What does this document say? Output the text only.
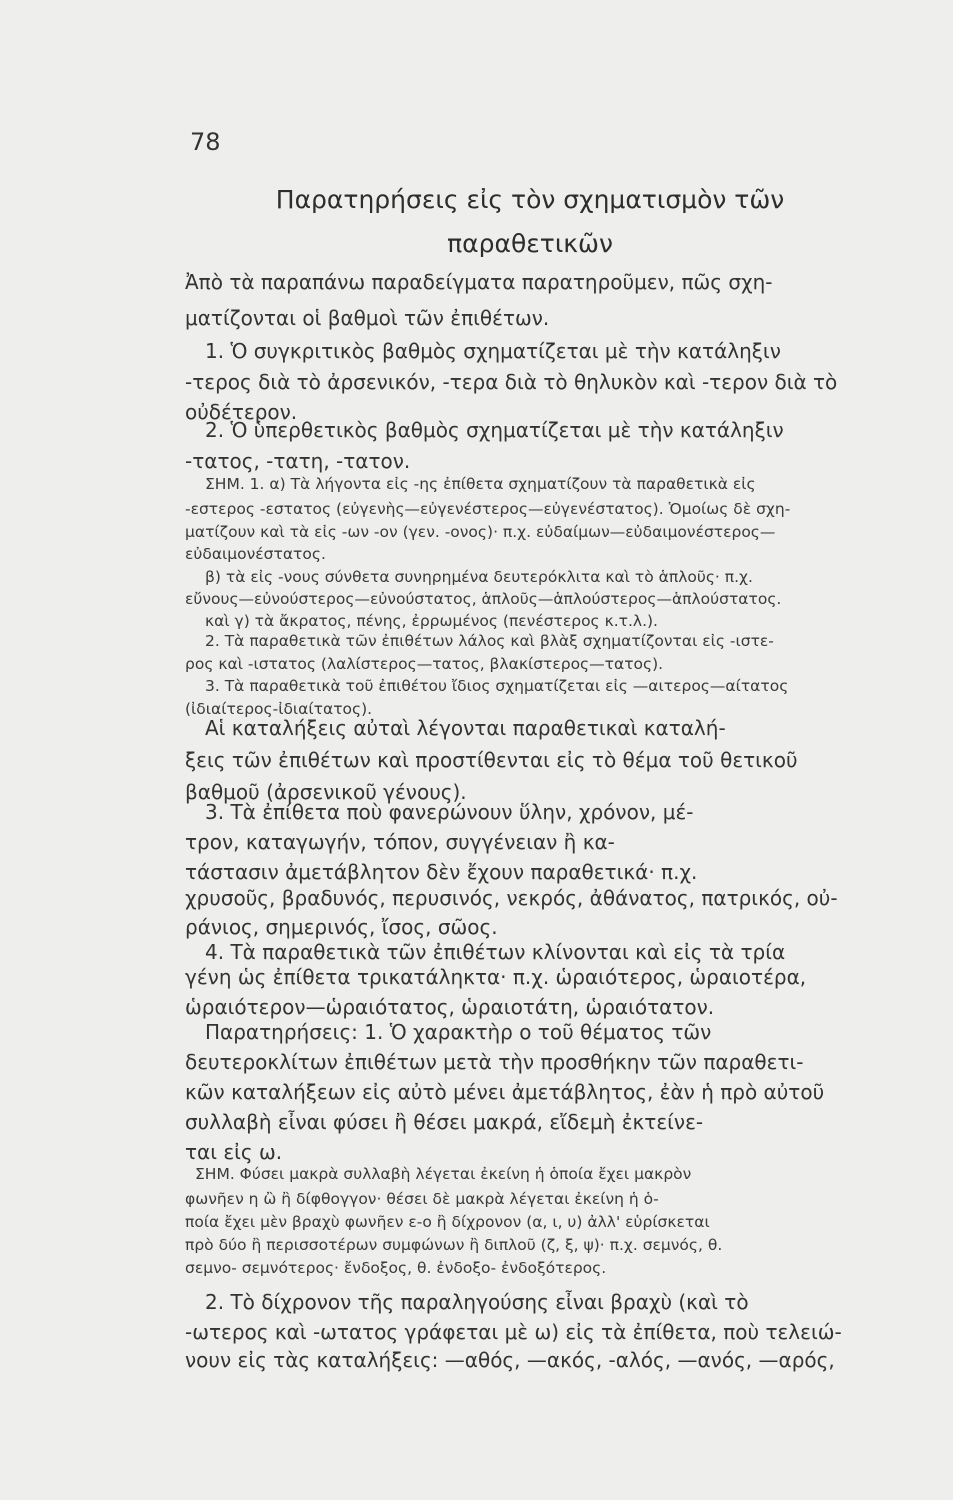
78
Παρατηρήσεις εἰς τὸν σχηματισμὸν τῶν
παραθετικῶν
Ἀπὸ τὰ παραπάνω παραδείγματα παρατηροῦμεν, πῶς σχη-
ματίζονται οἱ βαθμοὶ τῶν ἐπιθέτων.
1. Ὁ συγκριτικὸς βαθμὸς σχηματίζεται μὲ τὴν κατάληξιν
-τερος διὰ τὸ ἀρσενικόν, -τερα διὰ τὸ θηλυκὸν καὶ -τερον διὰ τὸ
οὐδέτερον.
2. Ὁ ὑπερθετικὸς βαθμὸς σχηματίζεται μὲ τὴν κατάληξιν
-τατος, -τατη, -τατον.
ΣΗΜ. 1. α) Τὰ λήγοντα εἰς -ης ἐπίθετα σχηματίζουν τὰ παραθετικὰ εἰς
-εστερος -εστατος (εὐγενὴς—εὐγενέστερος—εὐγενέστατος). Ὁμοίως δὲ σχη-
ματίζουν καὶ τὰ εἰς -ων -ον (γεν. -ονος)· π.χ. εὐδαίμων—εὐδαιμονέστερος—
εὐδαιμονέστατος.
β) τὰ εἰς -νους σύνθετα συνηρημένα δευτερόκλιτα καὶ τὸ ἁπλοῦς· π.χ.
εὔνους—εὐνούστερος—εὐνούστατος, ἁπλοῦς—ἁπλούστερος—ἁπλούστατος.
καὶ γ) τὰ ἄκρατος, πένης, ἐρρωμένος (πενέστερος κ.τ.λ.).
2. Τὰ παραθετικὰ τῶν ἐπιθέτων λάλος καὶ βλὰξ σχηματίζονται εἰς -ιστε-
ρος καὶ -ιστατος (λαλίστερος—τατος, βλακίστερος—τατος).
3. Τὰ παραθετικὰ τοῦ ἐπιθέτου ἴδιος σχηματίζεται εἰς —αιτερος—αίτατος
(ἰδιαίτερος-ἰδιαίτατος).
Αἱ καταλήξεις αὐταὶ λέγονται παραθετικαὶ καταλή-
ξεις τῶν ἐπιθέτων καὶ προστίθενται εἰς τὸ θέμα τοῦ θετικοῦ
βαθμοῦ (ἀρσενικοῦ γένους).
3. Τὰ ἐπίθετα ποὺ φανερώνουν ὕλην, χρόνον, μέ-
τρον, καταγωγήν, τόπον, συγγένειαν ἢ κα-
τάστασιν ἀμετάβλητον δὲν ἔχουν παραθετικά· π.χ.
χρυσοῦς, βραδυνός, περυσινός, νεκρός, ἀθάνατος, πατρικός, οὐ-
ράνιος, σημερινός, ἴσος, σῶος.
4. Τὰ παραθετικὰ τῶν ἐπιθέτων κλίνονται καὶ εἰς τὰ τρία
γένη ὡς ἐπίθετα τρικατάληκτα· π.χ. ὡραιότερος, ὡραιοτέρα,
ὡραιότερον—ὡραιότατος, ὡραιοτάτη, ὡραιότατον.
Παρατηρήσεις: 1. Ὁ χαρακτὴρ ο τοῦ θέματος τῶν
δευτεροκλίτων ἐπιθέτων μετὰ τὴν προσθήκην τῶν παραθετι-
κῶν καταλήξεων εἰς αὐτὸ μένει ἀμετάβλητος, ἐὰν ἡ πρὸ αὐτοῦ
συλλαβὴ εἶναι φύσει ἢ θέσει μακρά, εἴδεμὴ ἐκτείνε-
ται εἰς ω.
ΣΗΜ. Φύσει μακρὰ συλλαβὴ λέγεται ἐκείνη ἡ ὁποία ἔχει μακρὸν
φωνῆεν η ὢ ἢ δίφθογγον· θέσει δὲ μακρὰ λέγεται ἐκείνη ἡ ὁ-
ποία ἔχει μὲν βραχὺ φωνῆεν ε-ο ἢ δίχρονον (α, ι, υ) ἀλλ' εὑρίσκεται
πρὸ δύο ἢ περισσοτέρων συμφώνων ἢ διπλοῦ (ζ, ξ, ψ)· π.χ. σεμνός, θ.
σεμνο- σεμνότερος· ἔνδοξος, θ. ἐνδοξο- ἐνδοξότερος.
2. Τὸ δίχρονον τῆς παραληγούσης εἶναι βραχὺ (καὶ τὸ
-ωτερος καὶ -ωτατος γράφεται μὲ ω) εἰς τὰ ἐπίθετα, ποὺ τελειώ-
νουν εἰς τὰς καταλήξεις: —αθός, —ακός, -αλός, —ανός, —αρός,
